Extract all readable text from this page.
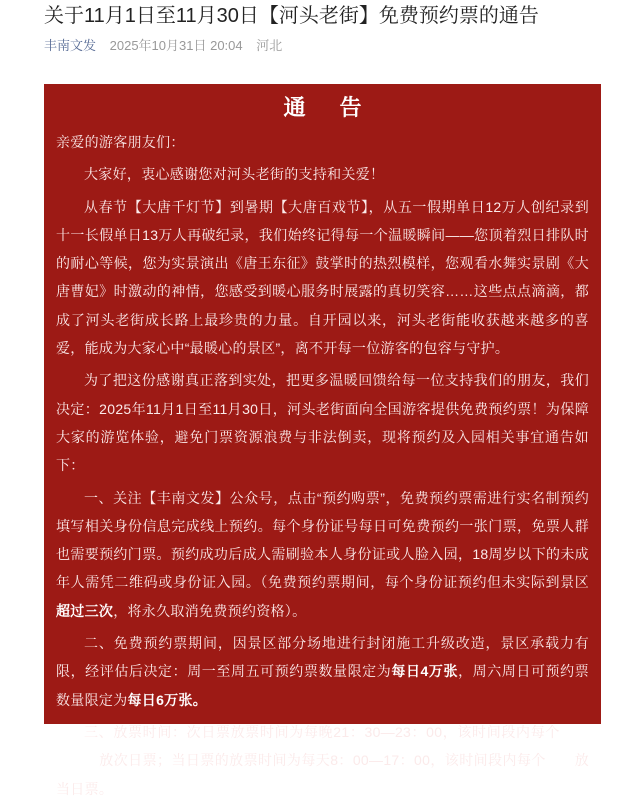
关于11月1日至11月30日【河头老街】免费预约票的通告
丰南文发 2025年10月31日 20:04 河北
通 告

亲爱的游客朋友们：

大家好，衷心感谢您对河头老街的支持和关爱！

从春节【大唐千灯节】到暑期【大唐百戏节】，从五一假期单日12万人创纪录到十一长假单日13万人再破纪录，我们始终记得每一个温暖瞬间——您顶着烈日排队时的耐心等候，您为实景演出《唐王东征》鼓掌时的热烈模样，您观看水舞实景剧《大唐曹妃》时激动的神情，您感受到暖心服务时展露的真切笑容……这些点点滴滴，都成了河头老街成长路上最珍贵的力量。自开园以来，河头老街能收获越来越多的喜爱，能成为大家心中“最暖心的景区”，离不开每一位游客的包容与守护。

为了把这份感谢真正落到实处，把更多温暖回馈给每一位支持我们的朋友，我们决定：2025年11月1日至11月30日，河头老街面向全国游客提供免费预约票！为保障大家的游览体验，避免门票资源浪费与非法倒卖，现将预约及入园相关事宜通告如下：

一、关注【丰南文发】公众号，点击“预约购票”，免费预约票需进行实名制预约填写相关身份信息完成线上预约。每个身份证号每日可免费预约一张门票，免票人群也需要预约门票。预约成功后成人需刷验本人身份证或人脸入园，18周岁以下的未成年人需凭二维码或身份证入园。（免费预约票期间，每个身份证预约但未实际到景区超过三次，将永久取消免费预约资格）。

二、免费预约票期间，因景区部分场地进行封闭施工升级改造，景区承载力有限，经评估后决定：周一至周五可预约票数量限定为每日4万张，周六周日可预约票数量限定为每日6万张。

三、放票时间：次日票放票时间为每晚21：30—23：00，该时间段内每个半点及整点放次日票；当日票的放票时间为每天8：00—17：00，该时间段内每个整点放当日票。
